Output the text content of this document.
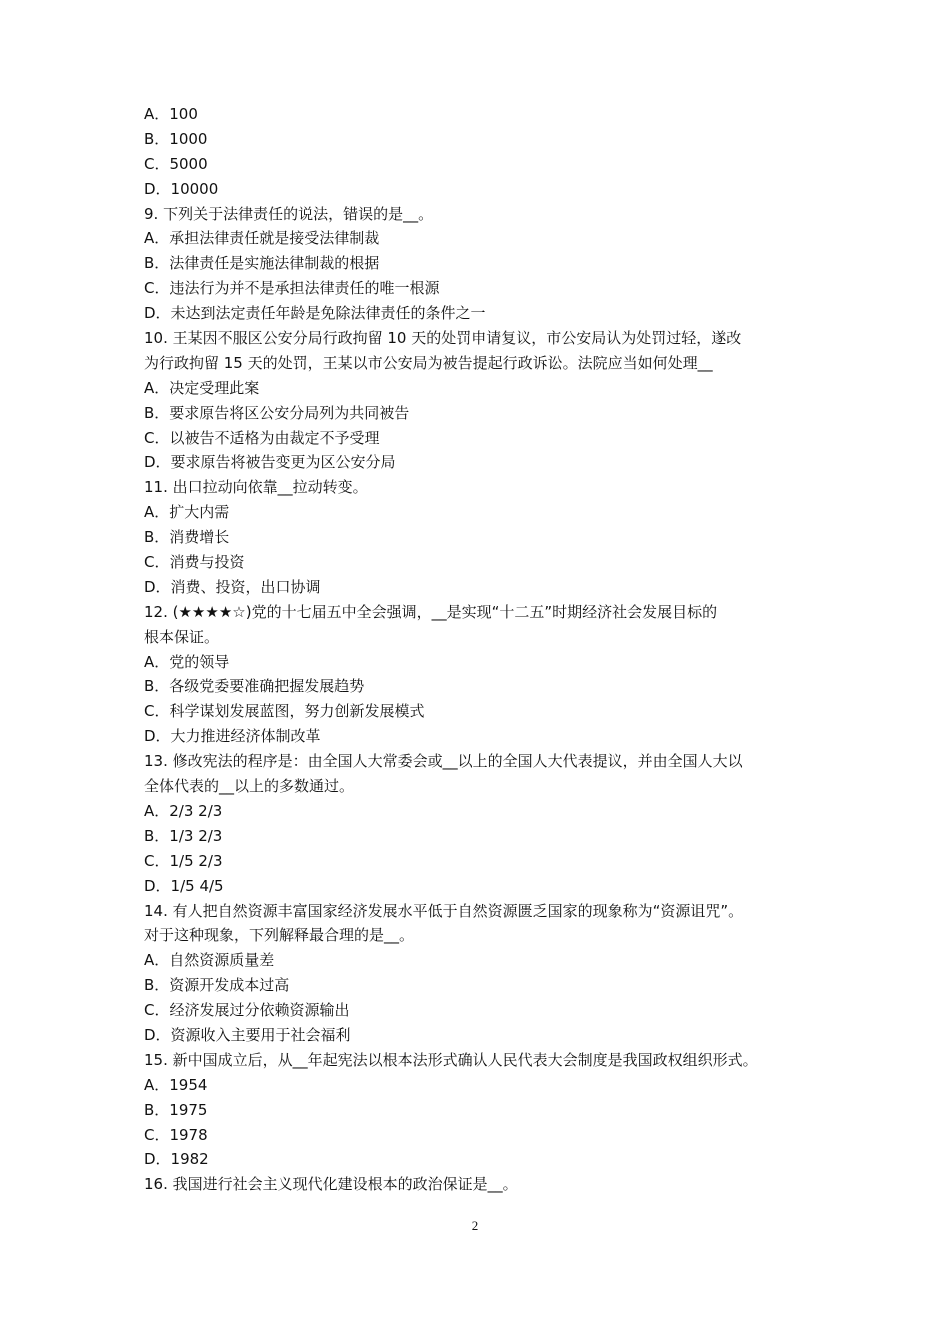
A．100
B．1000
C．5000
D．10000
9. 下列关于法律责任的说法，错误的是__。
A．承担法律责任就是接受法律制裁
B．法律责任是实施法律制裁的根据
C．违法行为并不是承担法律责任的唯一根源
D．未达到法定责任年龄是免除法律责任的条件之一
10. 王某因不服区公安分局行政拘留 10 天的处罚申请复议，市公安局认为处罚过轻，遂改
为行政拘留 15 天的处罚，王某以市公安局为被告提起行政诉讼。法院应当如何处理__
A．决定受理此案
B．要求原告将区公安分局列为共同被告
C．以被告不适格为由裁定不予受理
D．要求原告将被告变更为区公安分局
11. 出口拉动向依靠__拉动转变。
A．扩大内需
B．消费增长
C．消费与投资
D．消费、投资，出口协调
12. (★★★★☆)党的十七届五中全会强调，__是实现“十二五”时期经济社会发展目标的
根本保证。
A．党的领导
B．各级党委要准确把握发展趋势
C．科学谋划发展蓝图，努力创新发展模式
D．大力推进经济体制改革
13. 修改宪法的程序是：由全国人大常委会或__以上的全国人大代表提议，并由全国人大以
全体代表的__以上的多数通过。
A．2/3 2/3
B．1/3 2/3
C．1/5 2/3
D．1/5 4/5
14. 有人把自然资源丰富国家经济发展水平低于自然资源匮乏国家的现象称为“资源诅咒”。
对于这种现象，下列解释最合理的是__。
A．自然资源质量差
B．资源开发成本过高
C．经济发展过分依赖资源输出
D．资源收入主要用于社会福利
15. 新中国成立后，从__年起宪法以根本法形式确认人民代表大会制度是我国政权组织形式。
A．1954
B．1975
C．1978
D．1982
16. 我国进行社会主义现代化建设根本的政治保证是__。
2
